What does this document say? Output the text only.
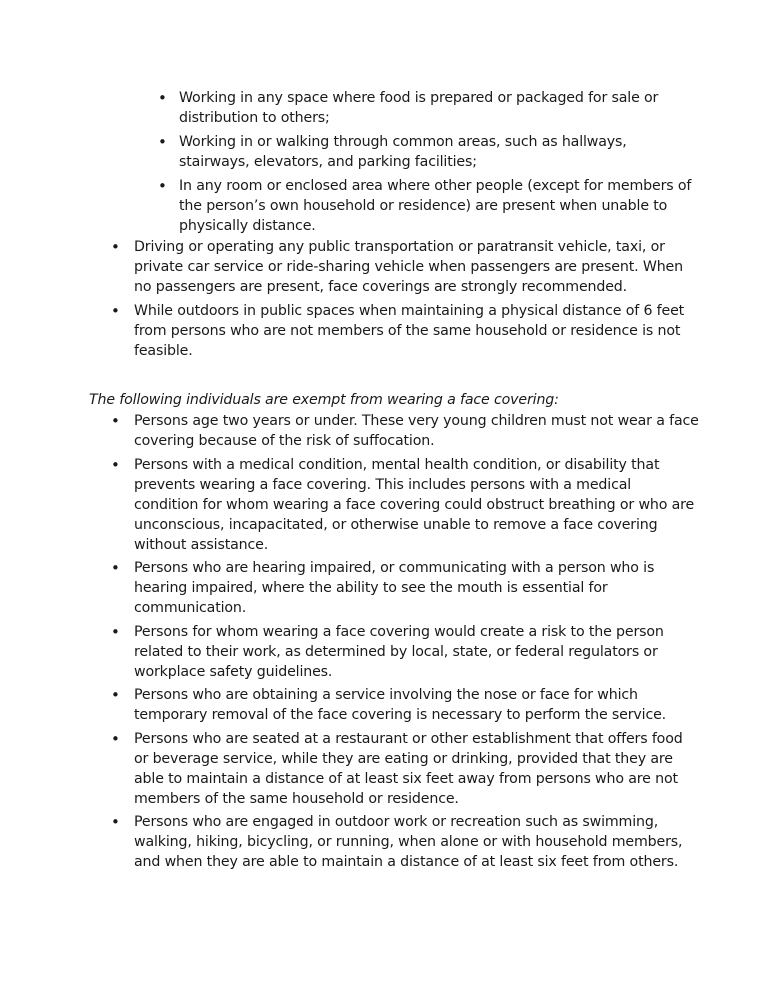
• Working in any space where food is prepared or packaged for sale or distribution to others;
• Working in or walking through common areas, such as hallways, stairways, elevators, and parking facilities;
• In any room or enclosed area where other people (except for members of the person’s own household or residence) are present when unable to physically distance.
• Driving or operating any public transportation or paratransit vehicle, taxi, or private car service or ride-sharing vehicle when passengers are present. When no passengers are present, face coverings are strongly recommended.
• While outdoors in public spaces when maintaining a physical distance of 6 feet from persons who are not members of the same household or residence is not feasible.
The following individuals are exempt from wearing a face covering:
• Persons age two years or under. These very young children must not wear a face covering because of the risk of suffocation.
• Persons with a medical condition, mental health condition, or disability that prevents wearing a face covering. This includes persons with a medical condition for whom wearing a face covering could obstruct breathing or who are unconscious, incapacitated, or otherwise unable to remove a face covering without assistance.
• Persons who are hearing impaired, or communicating with a person who is hearing impaired, where the ability to see the mouth is essential for communication.
• Persons for whom wearing a face covering would create a risk to the person related to their work, as determined by local, state, or federal regulators or workplace safety guidelines.
• Persons who are obtaining a service involving the nose or face for which temporary removal of the face covering is necessary to perform the service.
• Persons who are seated at a restaurant or other establishment that offers food or beverage service, while they are eating or drinking, provided that they are able to maintain a distance of at least six feet away from persons who are not members of the same household or residence.
• Persons who are engaged in outdoor work or recreation such as swimming, walking, hiking, bicycling, or running, when alone or with household members, and when they are able to maintain a distance of at least six feet from others.
